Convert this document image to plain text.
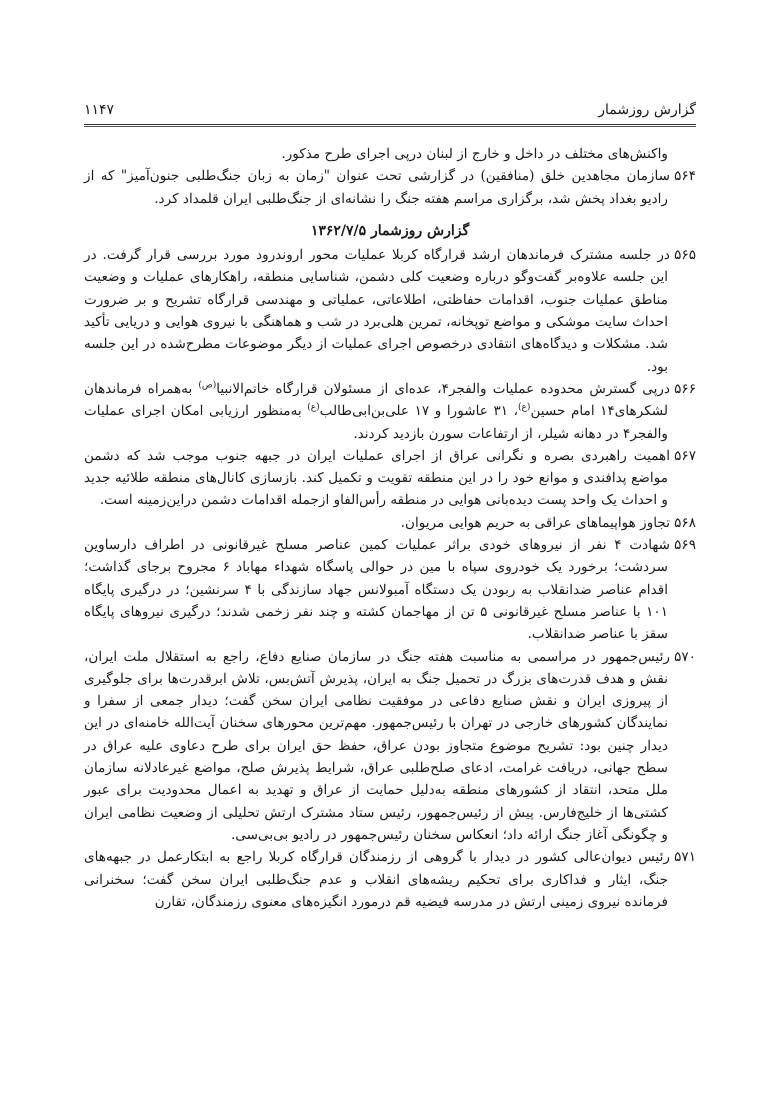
گزارش روزشمار
۱۱۴۷

واکنش‌های مختلف در داخل و خارج از لبنان درپی اجرای طرح مذکور.

۵۶۴سازمان مجاهدین خلق (منافقین) در گزارشی تحت عنوان "زمان به زبان جنگ‌طلبی جنون‌آمیز" که از رادیو بغداد پخش شد، برگزاری مراسم هفته جنگ را نشانه‌ای از جنگ‌طلبی ایران قلمداد کرد.

گزارش روزشمار ۱۳۶۲/۷/۵

۵۶۵در جلسه مشترک فرماندهان ارشد قرارگاه کربلا عملیات محور اروندرود مورد بررسی قرار گرفت. در این جلسه علاوه‌بر گفت‌وگو درباره وضعیت کلی دشمن، شناسایی منطقه، راهکارهای عملیات و وضعیت مناطق عملیات جنوب، اقدامات حفاظتی، اطلاعاتی، عملیاتی و مهندسی قرارگاه تشریح و بر ضرورت احداث سایت موشکی و مواضع توپخانه، تمرین هلی‌برد در شب و هماهنگی با نیروی هوایی و دریایی تأکید شد. مشکلات و دیدگاه‌های انتقادی درخصوص اجرای عملیات از دیگر موضوعات مطرح‌شده در این جلسه بود.

۵۶۶درپی گسترش محدوده عملیات والفجر۴، عده‌ای از مسئولان قرارگاه خاتم‌الانبیا$^{(ص)}$ به‌همراه فرماندهان لشکرهای۱۴ امام حسین$^{(ع)}$، ۳۱ عاشورا و ۱۷ علی‌بن‌ابی‌طالب$^{(ع)}$ به‌منظور ارزیابی امکان اجرای عملیات والفجر۴ در دهانه شیلر، از ارتفاعات سورن بازدید کردند.

۵۶۷اهمیت راهبردی بصره و نگرانی عراق از اجرای عملیات ایران در جبهه جنوب موجب شد که دشمن مواضع پدافندی و موانع خود را در این منطقه تقویت و تکمیل کند. بازسازی کانال‌های منطقه طلائیه جدید و احداث یک واحد پست دیده‌بانی هوایی در منطقه رأس‌الفاو ازجمله اقدامات دشمن دراین‌زمینه است.

۵۶۸تجاوز هواپیماهای عراقی به حریم هوایی مریوان.

۵۶۹شهادت ۴ نفر از نیروهای خودی براثر عملیات کمین عناصر مسلح غیرقانونی در اطراف دارساوین سردشت؛ برخورد یک خودروی سپاه با مین در حوالی پاسگاه شهداء مهاباد ۶ مجروح برجای گذاشت؛ اقدام عناصر ضدانقلاب به ربودن یک دستگاه آمبولانس جهاد سازندگی با ۴ سرنشین؛ در درگیری پایگاه ۱۰۱ با عناصر مسلح غیرقانونی ۵ تن از مهاجمان کشته و چند نفر زخمی شدند؛ درگیری نیروهای پایگاه سقز با عناصر ضدانقلاب.

۵۷۰رئیس‌جمهور در مراسمی به مناسبت هفته جنگ در سازمان صنایع دفاع، راجع به استقلال ملت ایران، نقش و هدف قدرت‌های بزرگ در تحمیل جنگ به ایران، پذیرش آتش‌بس، تلاش ابرقدرت‌ها برای جلوگیری از پیروزی ایران و نقش صنایع دفاعی در موفقیت نظامی ایران سخن گفت؛ دیدار جمعی از سفرا و نمایندگان کشورهای خارجی در تهران با رئیس‌جمهور. مهم‌ترین محورهای سخنان آیت‌الله خامنه‌ای در این دیدار چنین بود: تشریح موضوع متجاوز بودن عراق، حفظ حق ایران برای طرح دعاوی علیه عراق در سطح جهانی، دریافت غرامت، ادعای صلح‌طلبی عراق، شرایط پذیرش صلح، مواضع غیرعادلانه سازمان ملل متحد، انتقاد از کشورهای منطقه به‌دلیل حمایت از عراق و تهدید به اعمال محدودیت برای عبور کشتی‌ها از خلیج‌فارس. پیش از رئیس‌جمهور، رئیس ستاد مشترک ارتش تحلیلی از وضعیت نظامی ایران و چگونگی آغاز جنگ ارائه داد؛ انعکاس سخنان رئیس‌جمهور در رادیو بی‌بی‌سی.

۵۷۱رئیس دیوان‌عالی کشور در دیدار با گروهی از رزمندگان قرارگاه کربلا راجع به ابتکارعمل در جبهه‌های جنگ، ایثار و فداکاری برای تحکیم ریشه‌های انقلاب و عدم جنگ‌طلبی ایران سخن گفت؛ سخنرانی فرمانده نیروی زمینی ارتش در مدرسه فیضیه قم درمورد انگیزه‌های معنوی رزمندگان، تقارن
